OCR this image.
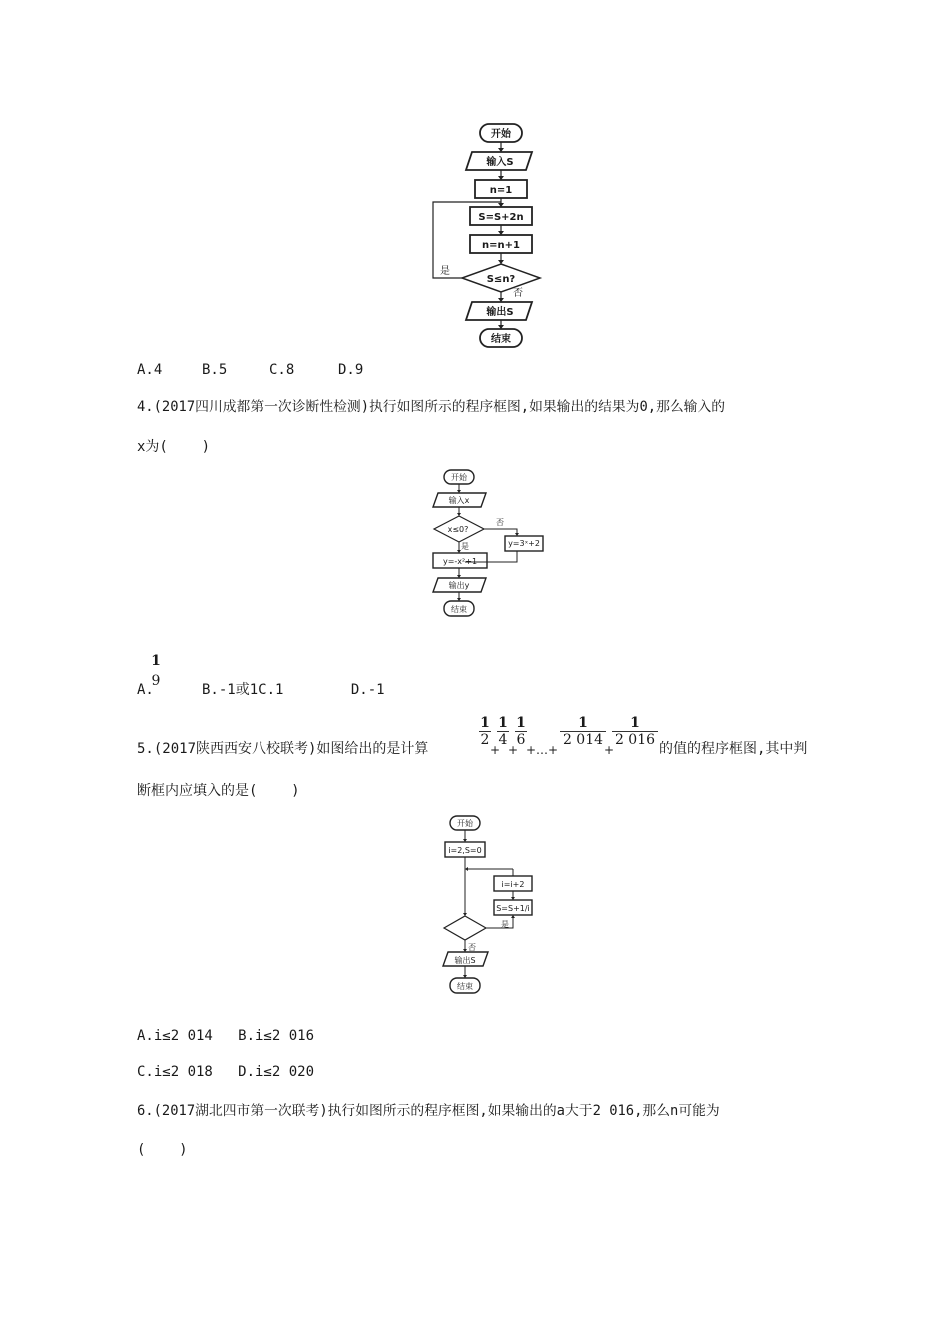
开始
输入S
n=1
S=S+2n
n=n+1
S≤n?
输出S
结束
是
否
A.4	B.5	C.8	D.9
4.(2017四川成都第一次诊断性检测)执行如图所示的程序框图,如果输出的结果为0,那么输入的
x为(    )
开始
输入x
x≤0?
y=3ˣ+2
y=-x²+1
输出y
结束
否
是
A.
1
9
B.-1或1C.1        D.-1
5.(2017陕西西安八校联考)如图给出的是计算
1
2
+
1
4
+
1
6
+…+
1
2 014
+
1
2 016
的值的程序框图,其中判
断框内应填入的是(    )
开始
i=2,S=0
i=i+2
S=S+1/i
输出S
结束
是
否
A.i≤2 014   B.i≤2 016
C.i≤2 018   D.i≤2 020
6.(2017湖北四市第一次联考)执行如图所示的程序框图,如果输出的a大于2 016,那么n可能为
(    )
